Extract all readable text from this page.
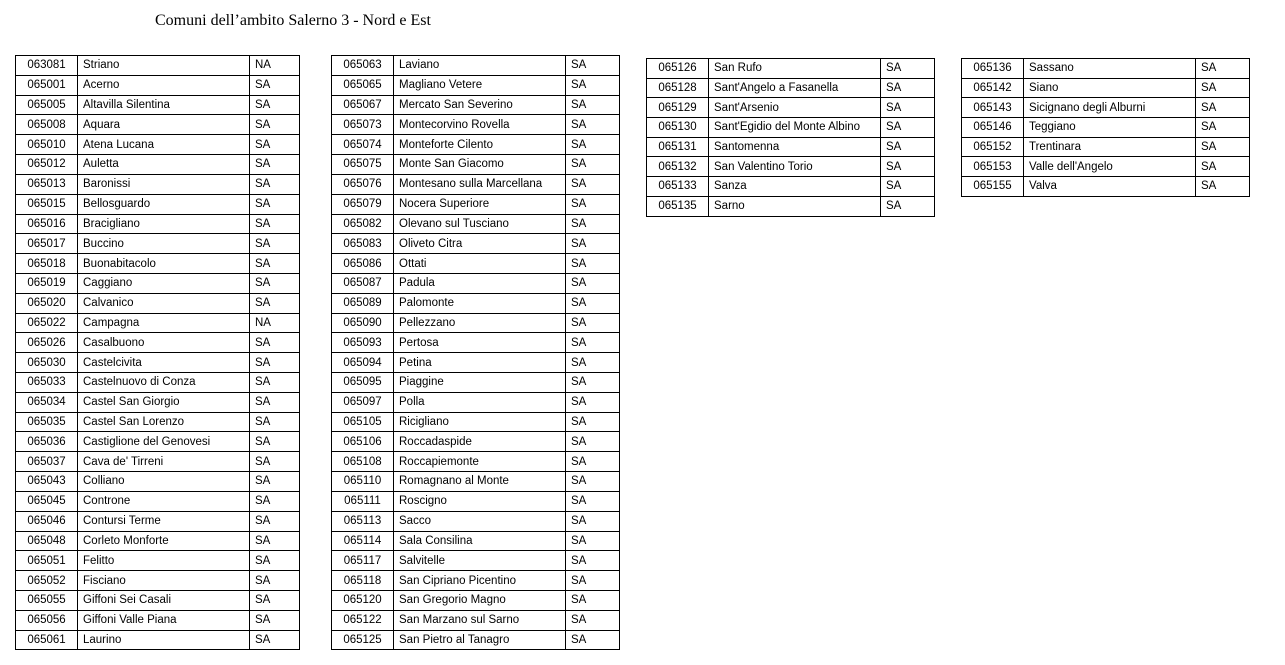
Comuni dell’ambito Salerno 3 - Nord e Est
063081	Striano	NA
065001	Acerno	SA
065005	Altavilla Silentina	SA
065008	Aquara	SA
065010	Atena Lucana	SA
065012	Auletta	SA
065013	Baronissi	SA
065015	Bellosguardo	SA
065016	Bracigliano	SA
065017	Buccino	SA
065018	Buonabitacolo	SA
065019	Caggiano	SA
065020	Calvanico	SA
065022	Campagna	NA
065026	Casalbuono	SA
065030	Castelcivita	SA
065033	Castelnuovo di Conza	SA
065034	Castel San Giorgio	SA
065035	Castel San Lorenzo	SA
065036	Castiglione del Genovesi	SA
065037	Cava de' Tirreni	SA
065043	Colliano	SA
065045	Controne	SA
065046	Contursi Terme	SA
065048	Corleto Monforte	SA
065051	Felitto	SA
065052	Fisciano	SA
065055	Giffoni Sei Casali	SA
065056	Giffoni Valle Piana	SA
065061	Laurino	SA
065063	Laviano	SA
065065	Magliano Vetere	SA
065067	Mercato San Severino	SA
065073	Montecorvino Rovella	SA
065074	Monteforte Cilento	SA
065075	Monte San Giacomo	SA
065076	Montesano sulla Marcellana	SA
065079	Nocera Superiore	SA
065082	Olevano sul Tusciano	SA
065083	Oliveto Citra	SA
065086	Ottati	SA
065087	Padula	SA
065089	Palomonte	SA
065090	Pellezzano	SA
065093	Pertosa	SA
065094	Petina	SA
065095	Piaggine	SA
065097	Polla	SA
065105	Ricigliano	SA
065106	Roccadaspide	SA
065108	Roccapiemonte	SA
065110	Romagnano al Monte	SA
065111	Roscigno	SA
065113	Sacco	SA
065114	Sala Consilina	SA
065117	Salvitelle	SA
065118	San Cipriano Picentino	SA
065120	San Gregorio Magno	SA
065122	San Marzano sul Sarno	SA
065125	San Pietro al Tanagro	SA
065126	San Rufo	SA
065128	Sant'Angelo a Fasanella	SA
065129	Sant'Arsenio	SA
065130	Sant'Egidio del Monte Albino	SA
065131	Santomenna	SA
065132	San Valentino Torio	SA
065133	Sanza	SA
065135	Sarno	SA
065136	Sassano	SA
065142	Siano	SA
065143	Sicignano degli Alburni	SA
065146	Teggiano	SA
065152	Trentinara	SA
065153	Valle dell'Angelo	SA
065155	Valva	SA
